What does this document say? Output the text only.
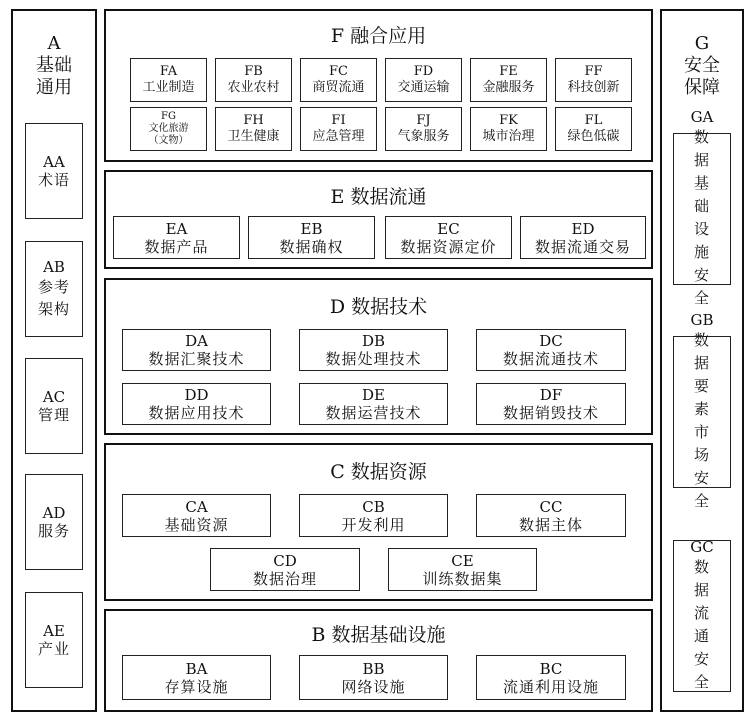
A
基础通用
AA
术语
AB
参考架构
AC
管理
AD
服务
AE
产业
G
安全保障
GA
数据基础设施安全
GB
数据要素市场安全
GC
数据流通安全
F 融合应用
FA
工业制造
FB
农业农村
FC
商贸流通
FD
交通运输
FE
金融服务
FF
科技创新
FG
文化旅游
（文物）
FH
卫生健康
FI
应急管理
FJ
气象服务
FK
城市治理
FL
绿色低碳
E 数据流通
EA
数据产品
EB
数据确权
EC
数据资源定价
ED
数据流通交易
D 数据技术
DA
数据汇聚技术
DB
数据处理技术
DC
数据流通技术
DD
数据应用技术
DE
数据运营技术
DF
数据销毁技术
C 数据资源
CA
基础资源
CB
开发利用
CC
数据主体
CD
数据治理
CE
训练数据集
B 数据基础设施
BA
存算设施
BB
网络设施
BC
流通利用设施
